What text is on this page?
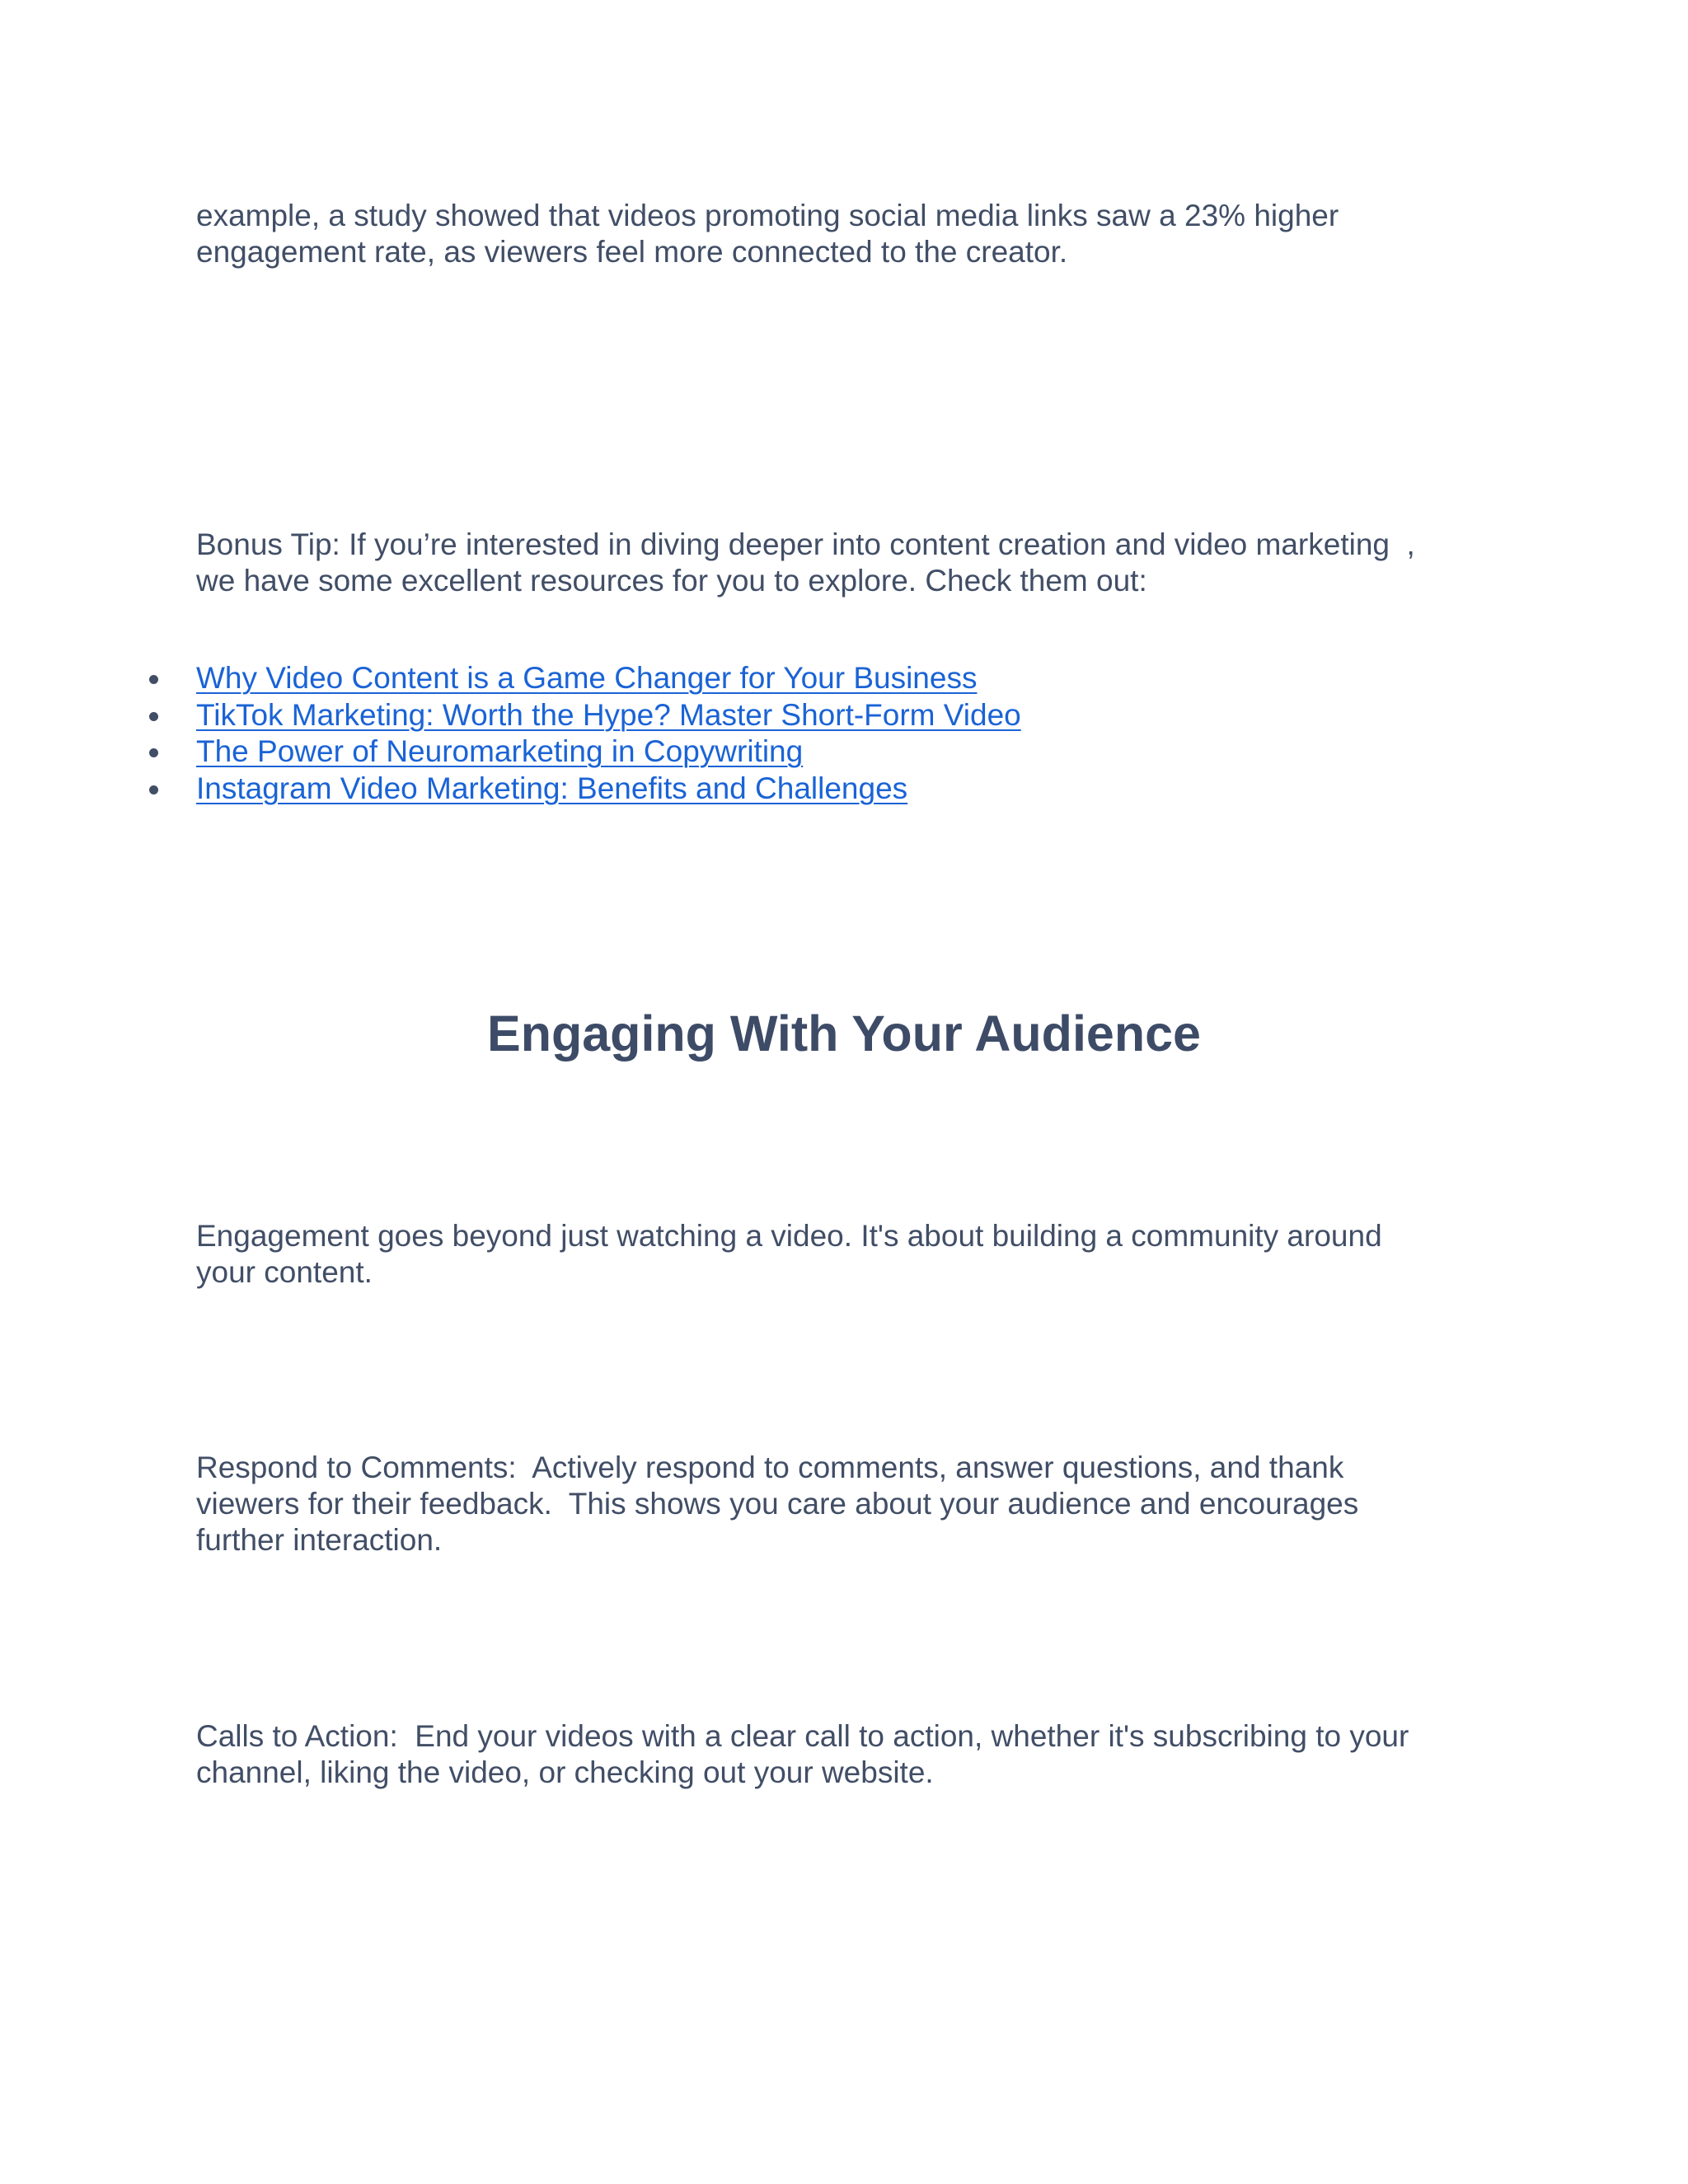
example, a study showed that videos promoting social media links saw a 23% higher
engagement rate, as viewers feel more connected to the creator.

Bonus Tip: If you’re interested in diving deeper into content creation and video marketing  ,
we have some excellent resources for you to explore. Check them out:

Why Video Content is a Game Changer for Your Business
TikTok Marketing: Worth the Hype? Master Short-Form Video
The Power of Neuromarketing in Copywriting
Instagram Video Marketing: Benefits and Challenges
Engaging With Your Audience

Engagement goes beyond just watching a video. It's about building a community around
your content.

Respond to Comments:  Actively respond to comments, answer questions, and thank
viewers for their feedback.  This shows you care about your audience and encourages
further interaction.

Calls to Action:  End your videos with a clear call to action, whether it's subscribing to your
channel, liking the video, or checking out your website.
